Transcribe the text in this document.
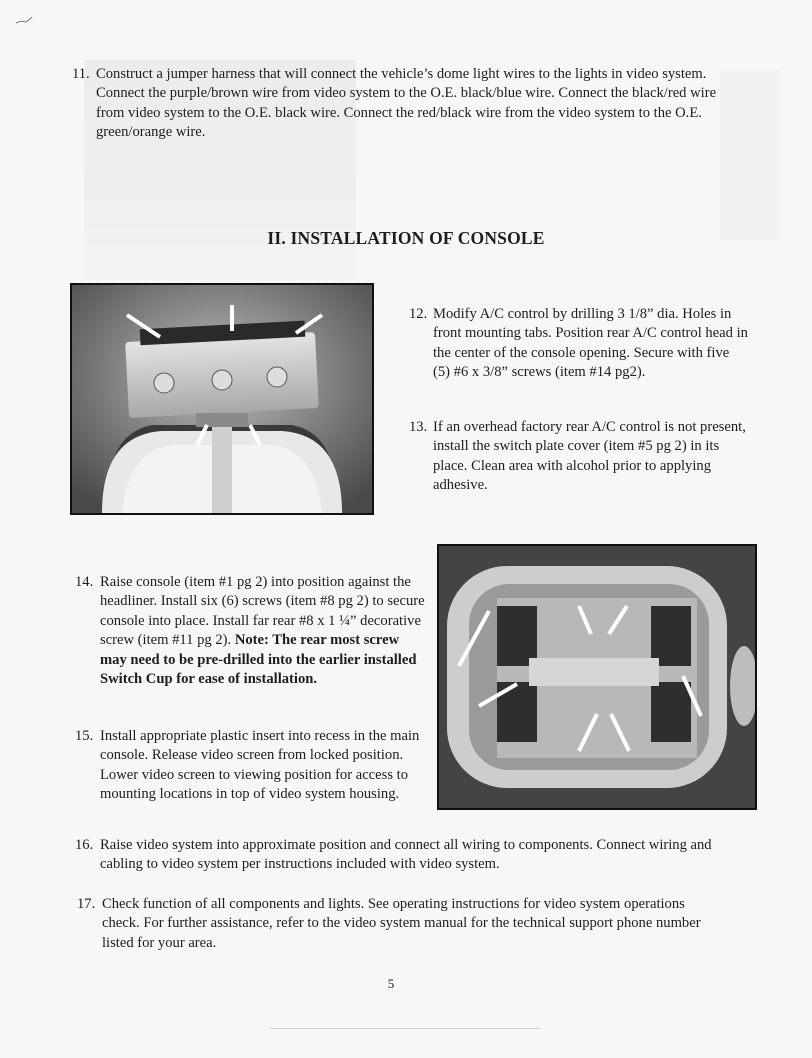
11. Construct a jumper harness that will connect the vehicle’s dome light wires to the lights in video system. Connect the purple/brown wire from video system to the O.E. black/blue wire. Connect the black/red wire from video system to the O.E. black wire. Connect the red/black wire from the video system to the O.E. green/orange wire.
II. INSTALLATION OF CONSOLE
12. Modify A/C control by drilling 3 1/8” dia. Holes in front mounting tabs. Position rear A/C control head in the center of the console opening. Secure with five (5) #6 x 3/8” screws (item #14 pg2).
13. If an overhead factory rear A/C control is not present, install the switch plate cover (item #5 pg 2) in its place. Clean area with alcohol prior to applying adhesive.
14. Raise console (item #1 pg 2) into position against the headliner. Install six (6) screws (item #8 pg 2) to secure console into place. Install far rear #8 x 1 ¼” decorative screw (item #11 pg 2). Note: The rear most screw may need to be pre-drilled into the earlier installed Switch Cup for ease of installation.
15. Install appropriate plastic insert into recess in the main console. Release video screen from locked position. Lower video screen to viewing position for access to mounting locations in top of video system housing.
16. Raise video system into approximate position and connect all wiring to components. Connect wiring and cabling to video system per instructions included with video system.
17. Check function of all components and lights. See operating instructions for video system operations check. For further assistance, refer to the video system manual for the technical support phone number listed for your area.
5
